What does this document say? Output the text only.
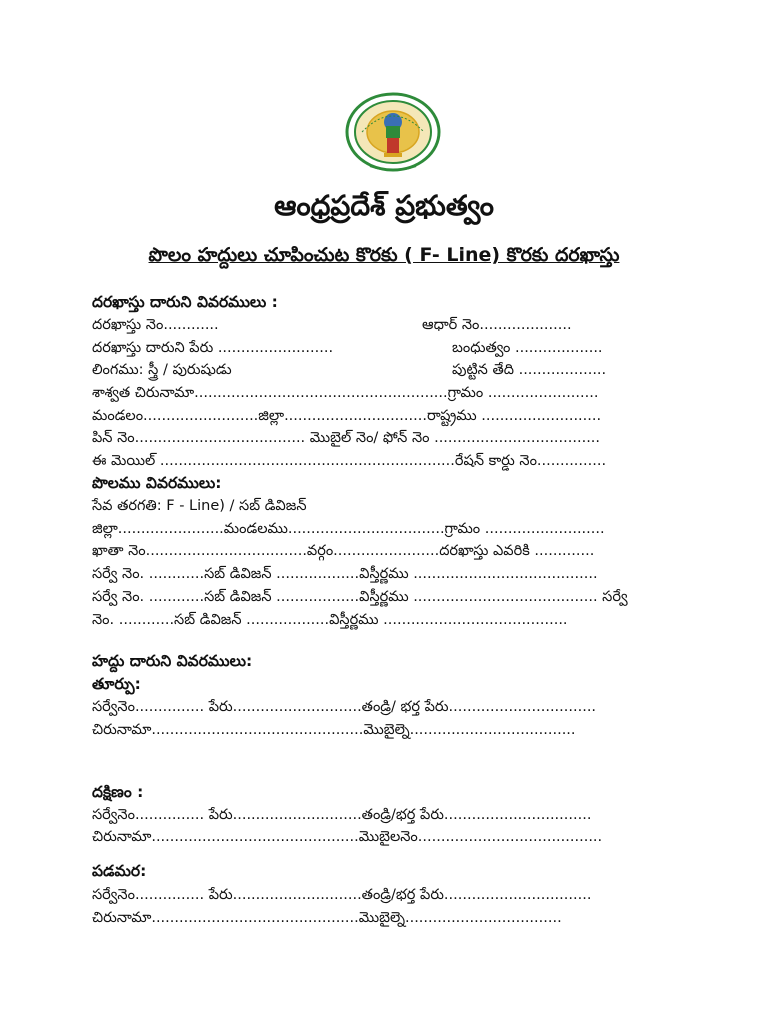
ఆంధ్రప్రదేశ్ ప్రభుత్వం
పొలం హద్దులు చూపించుట కొరకు ( F- Line) కొరకు దరఖాస్తు
దరఖాస్తు దారుని వివరములు :
దరఖాస్తు నెం............	ఆధార్ నెం....................
దరఖాస్తు దారుని పేరు .........................	బంధుత్వం ...................
లింగము: స్త్రీ / పురుషుడు	పుట్టిన తేది ...................
శాశ్వత చిరునామా.......................................................గ్రామం ........................
మండలం.........................జిల్లా...............................రాష్ట్రము ..........................
పిన్ నెం..................................... మొబైల్ నెం/ ఫోన్ నెం ....................................
ఈ మెయిల్ ................................................................రేషన్ కార్డు నెం...............
పొలము వివరములు:
సేవ తరగతి: F - Line) / సబ్ డివిజన్
జిల్లా.......................మండలము..................................గ్రామం ..........................
ఖాతా నెం...................................వర్గం.......................దరఖాస్తు ఎవరికి .............
సర్వే నెం. ............సబ్ డివిజన్ ..................విస్తీర్ణము ........................................
సర్వే నెం. ............సబ్ డివిజన్ ..................విస్తీర్ణము ........................................ సర్వే
నెం. ............సబ్ డివిజన్ ..................విస్తీర్ణము ........................................
హద్దు దారుని వివరములు:
తూర్పు:
సర్వేనెం............... పేరు............................తండ్రి/ భర్త పేరు................................
చిరునామా..............................................మొబైల్నె....................................
దక్షిణం :
సర్వేనెం............... పేరు............................తండ్రి/భర్త పేరు................................
చిరునామా.............................................మొబైలనెం........................................
పడమర:
సర్వేనెం............... పేరు............................తండ్రి/భర్త పేరు................................
చిరునామా.............................................మొబైల్నె..................................
